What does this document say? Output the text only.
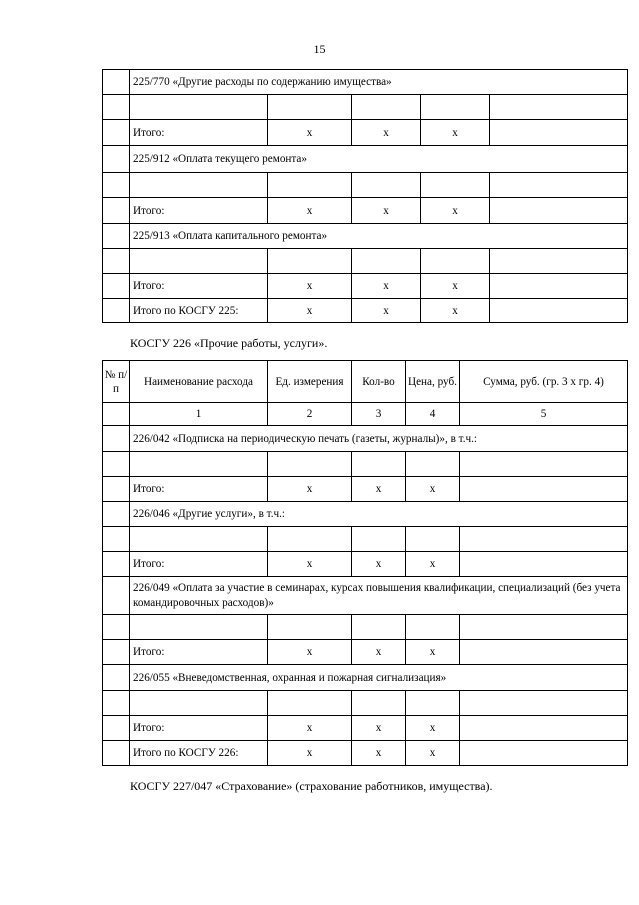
15
	225/770 «Другие расходы по содержанию имущества»				

	Итого:	x	x	x	
	225/912 «Оплата текущего ремонта»				

	Итого:	x	x	x	
	225/913 «Оплата капитального ремонта»				

	Итого:	x	x	x	
	Итого по КОСГУ 225:	x	x	x	
КОСГУ 226 «Прочие работы, услуги».
№ п/п	Наименование расхода	Ед. измерения	Кол-во	Цена, руб.	Сумма, руб. (гр. 3 х гр. 4)
	1	2	3	4	5
	226/042 «Подписка на периодическую печать (газеты, журналы)», в т.ч.:				

	Итого:	x	x	x	
	226/046 «Другие услуги», в т.ч.:				

	Итого:	x	x	x	
	226/049 «Оплата за участие в семинарах, курсах повышения квалификации, специализаций (без учета командировочных расходов)»				

	Итого:	x	x	x	
	226/055 «Вневедомственная, охранная и пожарная сигнализация»				

	Итого:	x	x	x	
	Итого по КОСГУ 226:	x	x	x	
КОСГУ 227/047 «Страхование» (страхование работников, имущества).
